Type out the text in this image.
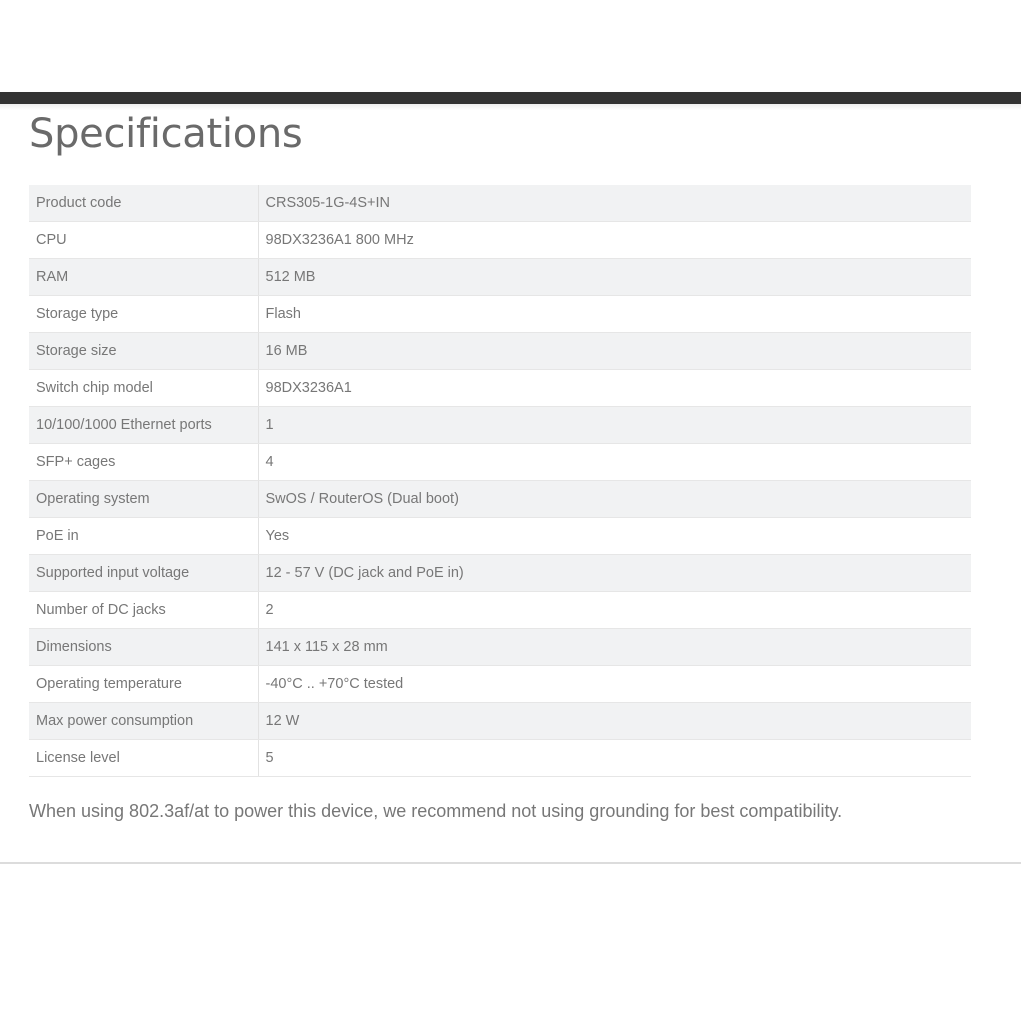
Specifications
Product code	CRS305-1G-4S+IN
CPU	98DX3236A1 800 MHz
RAM	512 MB
Storage type	Flash
Storage size	16 MB
Switch chip model	98DX3236A1
10/100/1000 Ethernet ports	1
SFP+ cages	4
Operating system	SwOS / RouterOS (Dual boot)
PoE in	Yes
Supported input voltage	12 - 57 V (DC jack and PoE in)
Number of DC jacks	2
Dimensions	141 x 115 x 28 mm
Operating temperature	-40°C .. +70°C tested
Max power consumption	12 W
License level	5

When using 802.3af/at to power this device, we recommend not using grounding for best compatibility.
